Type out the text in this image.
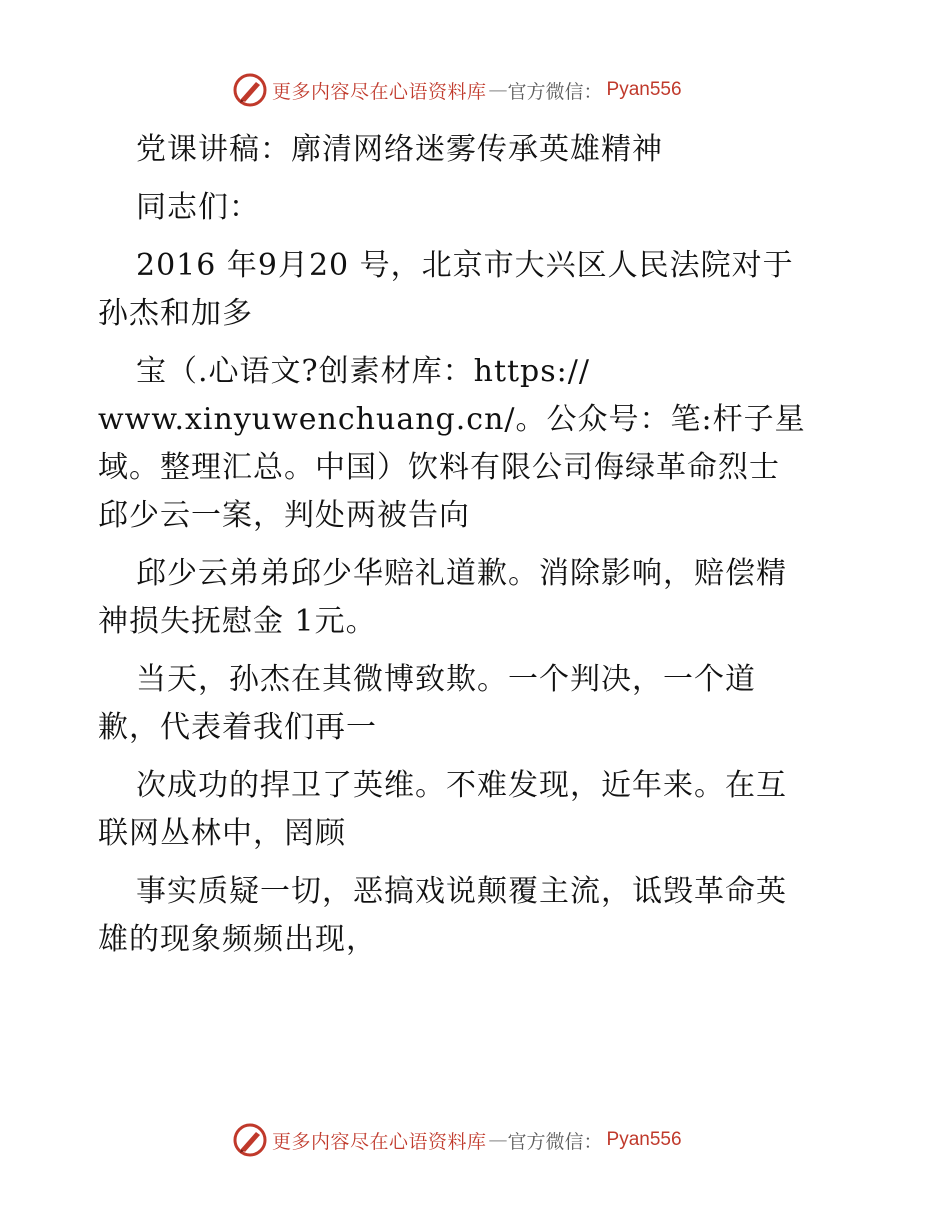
更多内容尽在心语资料库 — 官方微信： Pyan556
党课讲稿：廓清网络迷雾传承英雄精神
同志们：
2016 年9月20 号，北京市大兴区人民法院对于
孙杰和加多
宝（.心语文?创素材库：https://
www.xinyuwenchuang.cn/。公众号：笔:杆子星
域。整理汇总。中国）饮料有限公司侮绿革命烈士
邱少云一案，判处两被告向
邱少云弟弟邱少华赔礼道歉。消除影响，赔偿精
神损失抚慰金 1元。
当天，孙杰在其微博致欺。一个判决，一个道
歉，代表着我们再一
次成功的捍卫了英维。不难发现，近年来。在互
联网丛林中，罔顾
事实质疑一切，恶搞戏说颠覆主流，诋毁革命英
雄的现象频频出现，
更多内容尽在心语资料库 — 官方微信： Pyan556
